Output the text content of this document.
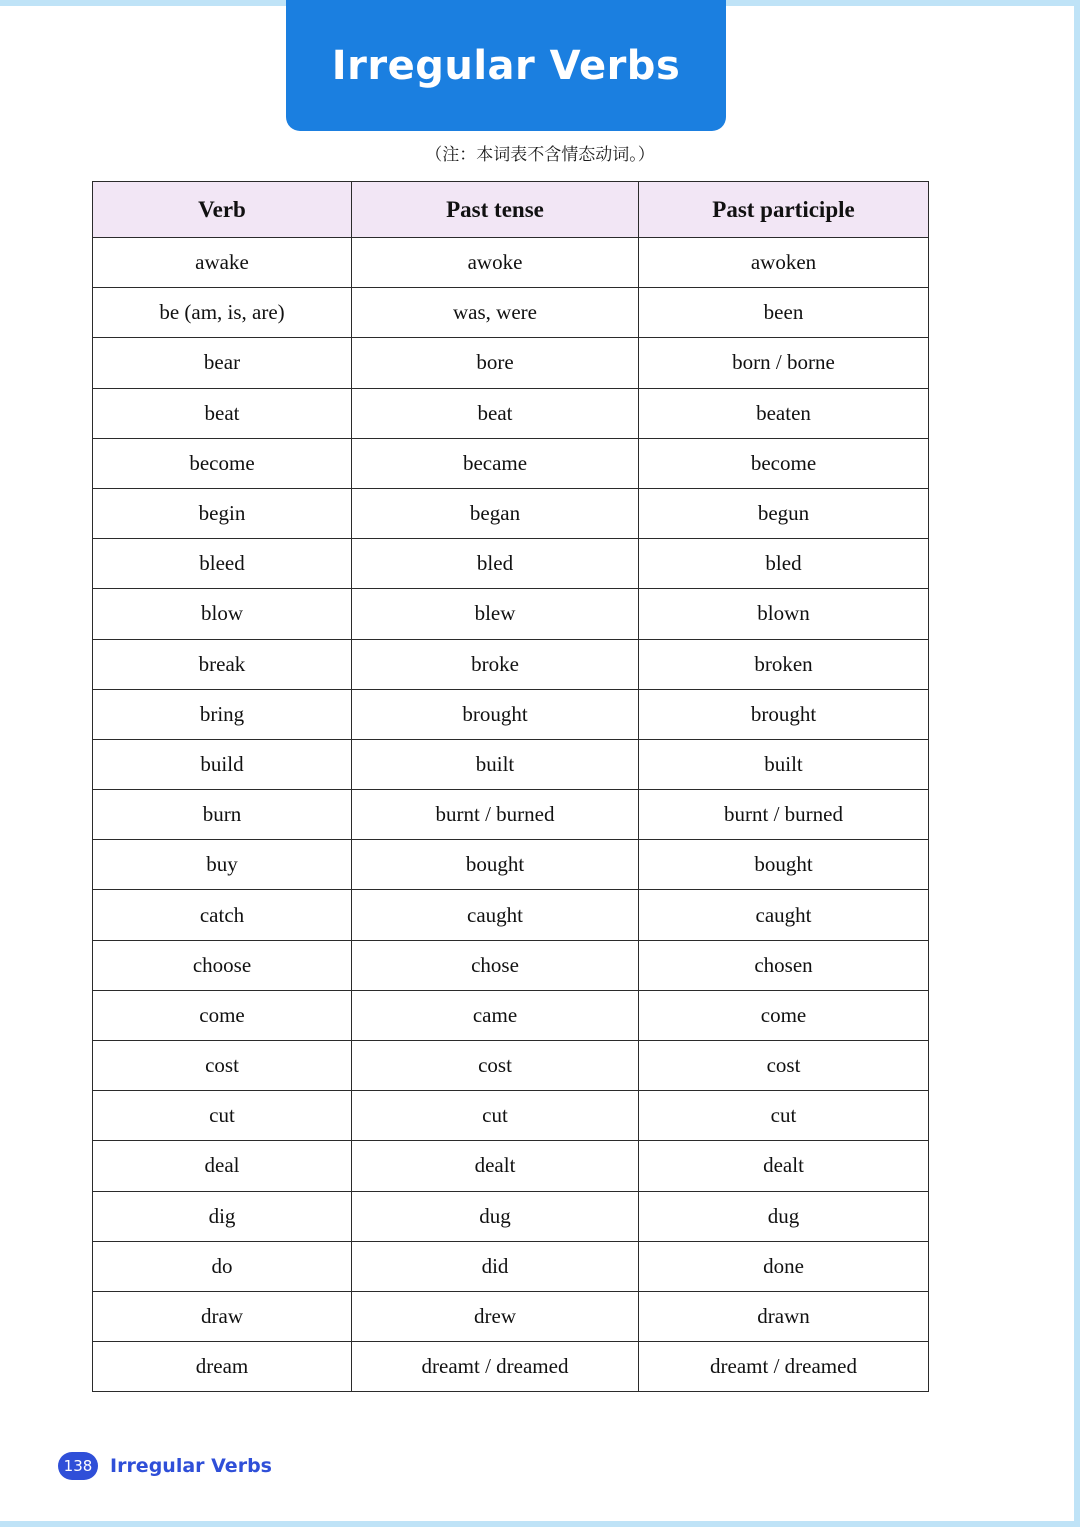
Irregular Verbs
（注：本词表不含情态动词。）
Verb	Past tense	Past participle
awake	awoke	awoken
be (am, is, are)	was, were	been
bear	bore	born / borne
beat	beat	beaten
become	became	become
begin	began	begun
bleed	bled	bled
blow	blew	blown
break	broke	broken
bring	brought	brought
build	built	built
burn	burnt / burned	burnt / burned
buy	bought	bought
catch	caught	caught
choose	chose	chosen
come	came	come
cost	cost	cost
cut	cut	cut
deal	dealt	dealt
dig	dug	dug
do	did	done
draw	drew	drawn
dream	dreamt / dreamed	dreamt / dreamed
138 Irregular Verbs
